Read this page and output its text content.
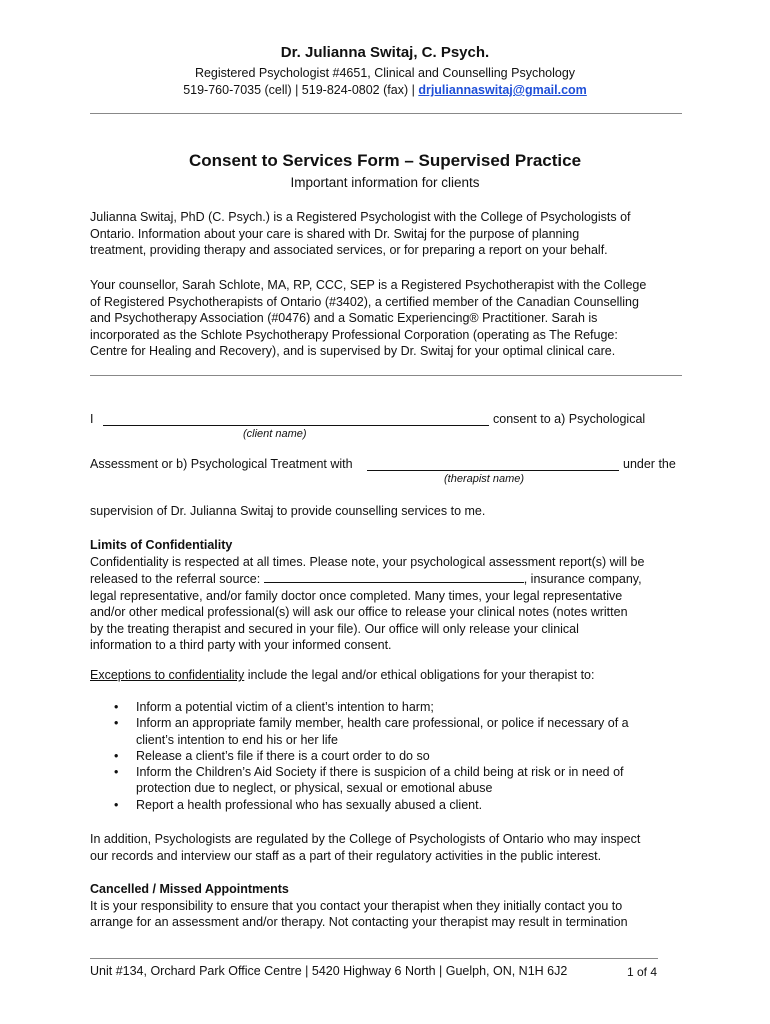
Dr. Julianna Switaj, C. Psych.
Registered Psychologist #4651, Clinical and Counselling Psychology
519-760-7035 (cell) | 519-824-0802 (fax) | drjuliannaswitaj@gmail.com
Consent to Services Form – Supervised Practice
Important information for clients
Julianna Switaj, PhD (C. Psych.) is a Registered Psychologist with the College of Psychologists of
Ontario. Information about your care is shared with Dr. Switaj for the purpose of planning
treatment, providing therapy and associated services, or for preparing a report on your behalf.
Your counsellor, Sarah Schlote, MA, RP, CCC, SEP is a Registered Psychotherapist with the College
of Registered Psychotherapists of Ontario (#3402), a certified member of the Canadian Counselling
and Psychotherapy Association (#0476) and a Somatic Experiencing® Practitioner. Sarah is
incorporated as the Schlote Psychotherapy Professional Corporation (operating as The Refuge:
Centre for Healing and Recovery), and is supervised by Dr. Switaj for your optimal clinical care.
I	consent to a) Psychological
(client name)
Assessment or b) Psychological Treatment with	under the
(therapist name)
supervision of Dr. Julianna Switaj to provide counselling services to me.
Limits of Confidentiality
Confidentiality is respected at all times. Please note, your psychological assessment report(s) will be
released to the referral source:	, insurance company,
legal representative, and/or family doctor once completed. Many times, your legal representative
and/or other medical professional(s) will ask our office to release your clinical notes (notes written
by the treating therapist and secured in your file). Our office will only release your clinical
information to a third party with your informed consent.
Exceptions to confidentiality include the legal and/or ethical obligations for your therapist to:
• Inform a potential victim of a client’s intention to harm;
• Inform an appropriate family member, health care professional, or police if necessary of a
client’s intention to end his or her life
• Release a client’s file if there is a court order to do so
• Inform the Children’s Aid Society if there is suspicion of a child being at risk or in need of
protection due to neglect, or physical, sexual or emotional abuse
• Report a health professional who has sexually abused a client.
In addition, Psychologists are regulated by the College of Psychologists of Ontario who may inspect
our records and interview our staff as a part of their regulatory activities in the public interest.
Cancelled / Missed Appointments
It is your responsibility to ensure that you contact your therapist when they initially contact you to
arrange for an assessment and/or therapy. Not contacting your therapist may result in termination
Unit #134, Orchard Park Office Centre | 5420 Highway 6 North | Guelph, ON, N1H 6J2	1 of 4
